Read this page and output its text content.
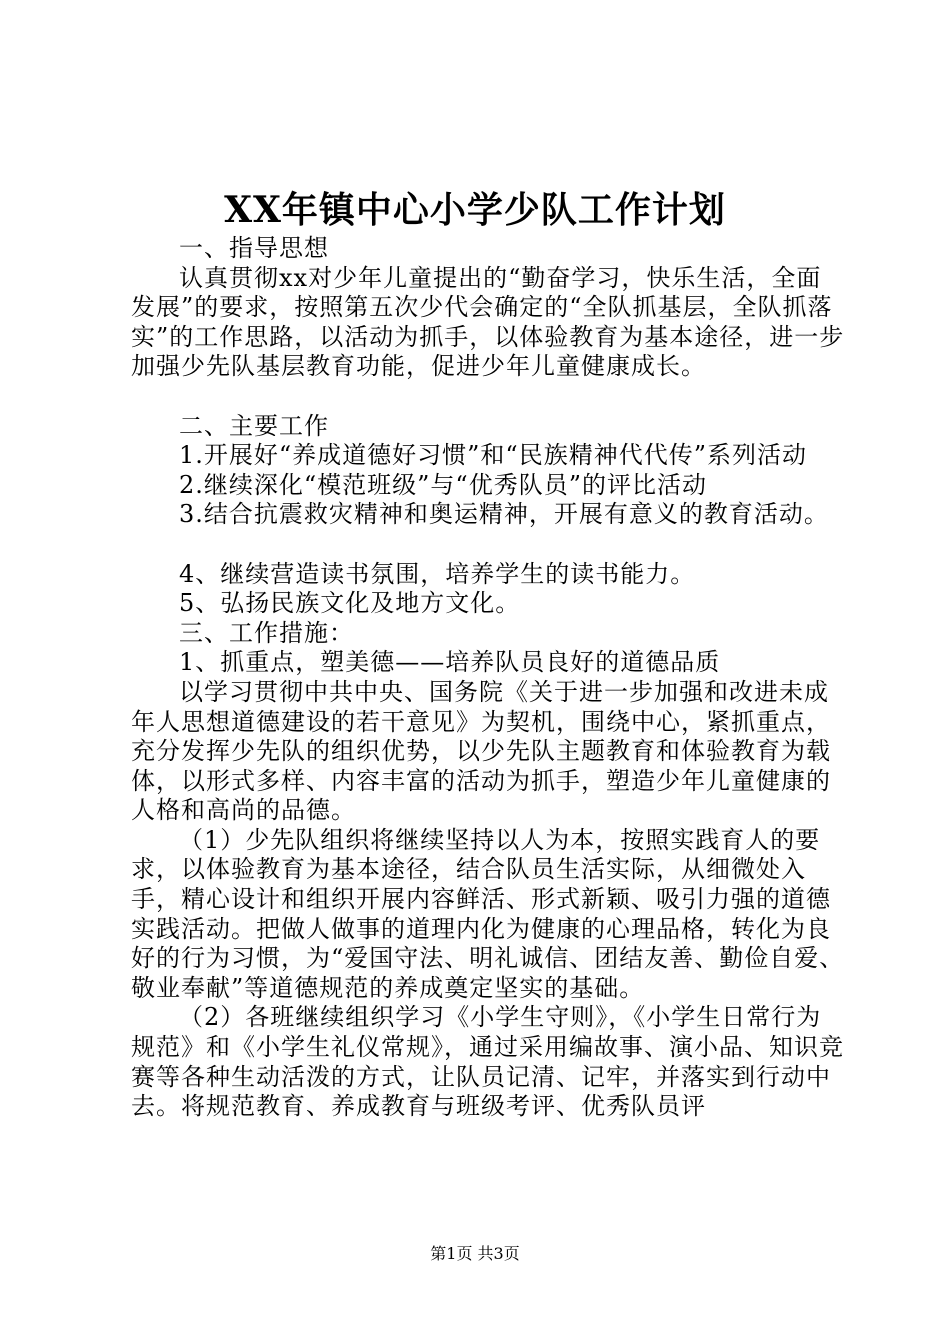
XX年镇中心小学少队工作计划

一、指导思想

认真贯彻xx对少年儿童提出的“勤奋学习，快乐生活，全面发展”的要求，按照第五次少代会确定的“全队抓基层，全队抓落实”的工作思路，以活动为抓手，以体验教育为基本途径，进一步加强少先队基层教育功能，促进少年儿童健康成长。

二、主要工作

1.开展好“养成道德好习惯”和“民族精神代代传”系列活动

2.继续深化“模范班级”与“优秀队员”的评比活动

3.结合抗震救灾精神和奥运精神，开展有意义的教育活动。

4、继续营造读书氛围，培养学生的读书能力。

5、弘扬民族文化及地方文化。

三、工作措施：

1、抓重点，塑美德——培养队员良好的道德品质

以学习贯彻中共中央、国务院《关于进一步加强和改进未成年人思想道德建设的若干意见》为契机，围绕中心，紧抓重点，充分发挥少先队的组织优势，以少先队主题教育和体验教育为载体，以形式多样、内容丰富的活动为抓手，塑造少年儿童健康的人格和高尚的品德。

（1）少先队组织将继续坚持以人为本，按照实践育人的要求，以体验教育为基本途径，结合队员生活实际，从细微处入手，精心设计和组织开展内容鲜活、形式新颖、吸引力强的道德实践活动。把做人做事的道理内化为健康的心理品格，转化为良好的行为习惯，为“爱国守法、明礼诚信、团结友善、勤俭自爱、敬业奉献”等道德规范的养成奠定坚实的基础。

（2）各班继续组织学习《小学生守则》，《小学生日常行为规范》和《小学生礼仪常规》，通过采用编故事、演小品、知识竞赛等各种生动活泼的方式，让队员记清、记牢，并落实到行动中去。将规范教育、养成教育与班级考评、优秀队员评

第1页 共3页
